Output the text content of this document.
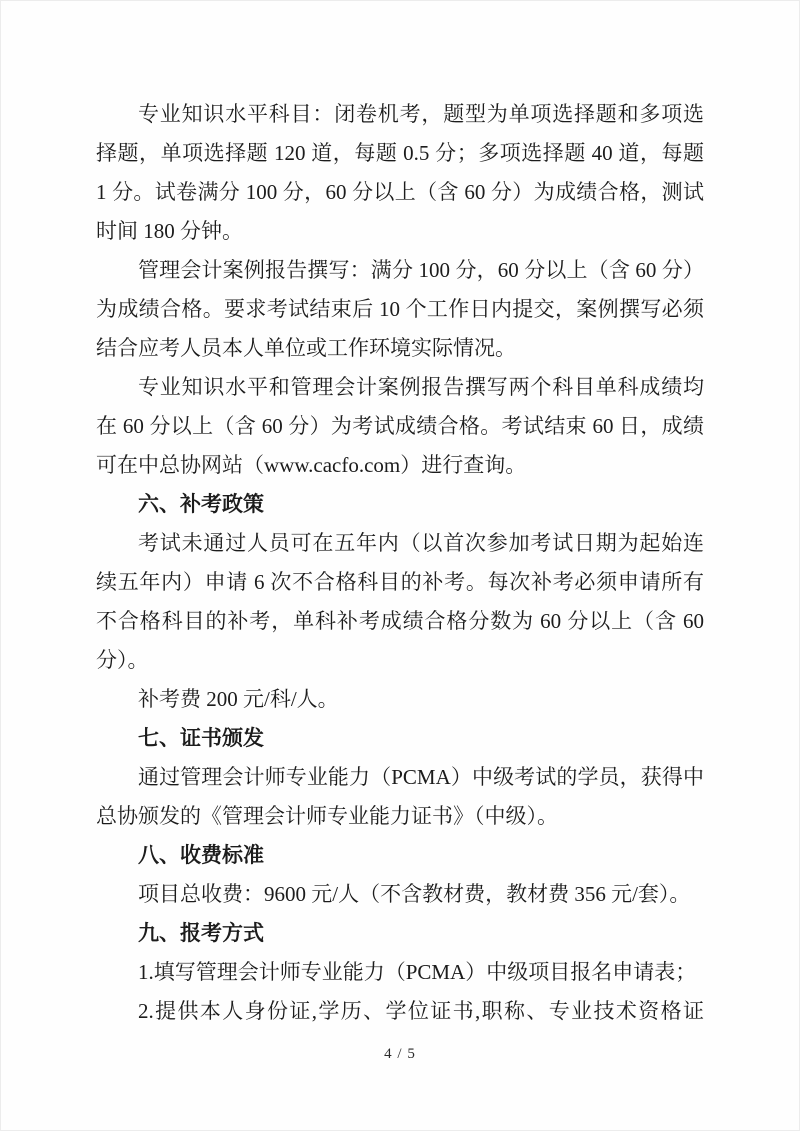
专业知识水平科目：闭卷机考，题型为单项选择题和多项选择题，单项选择题 120 道，每题 0.5 分；多项选择题 40 道，每题 1 分。试卷满分 100 分，60 分以上（含 60 分）为成绩合格，测试时间 180 分钟。

管理会计案例报告撰写：满分 100 分，60 分以上（含 60 分）为成绩合格。要求考试结束后 10 个工作日内提交，案例撰写必须结合应考人员本人单位或工作环境实际情况。

专业知识水平和管理会计案例报告撰写两个科目单科成绩均在 60 分以上（含 60 分）为考试成绩合格。考试结束 60 日，成绩可在中总协网站（www.cacfo.com）进行查询。

六、补考政策

考试未通过人员可在五年内（以首次参加考试日期为起始连续五年内）申请 6 次不合格科目的补考。每次补考必须申请所有不合格科目的补考，单科补考成绩合格分数为 60 分以上（含 60 分）。

补考费 200 元/科/人。

七、证书颁发

通过管理会计师专业能力（PCMA）中级考试的学员，获得中总协颁发的《管理会计师专业能力证书》（中级）。

八、收费标准

项目总收费：9600 元/人（不含教材费，教材费 356 元/套）。

九、报考方式

1.填写管理会计师专业能力（PCMA）中级项目报名申请表；

2.提供本人身份证,学历、学位证书,职称、专业技术资格证

4 / 5
